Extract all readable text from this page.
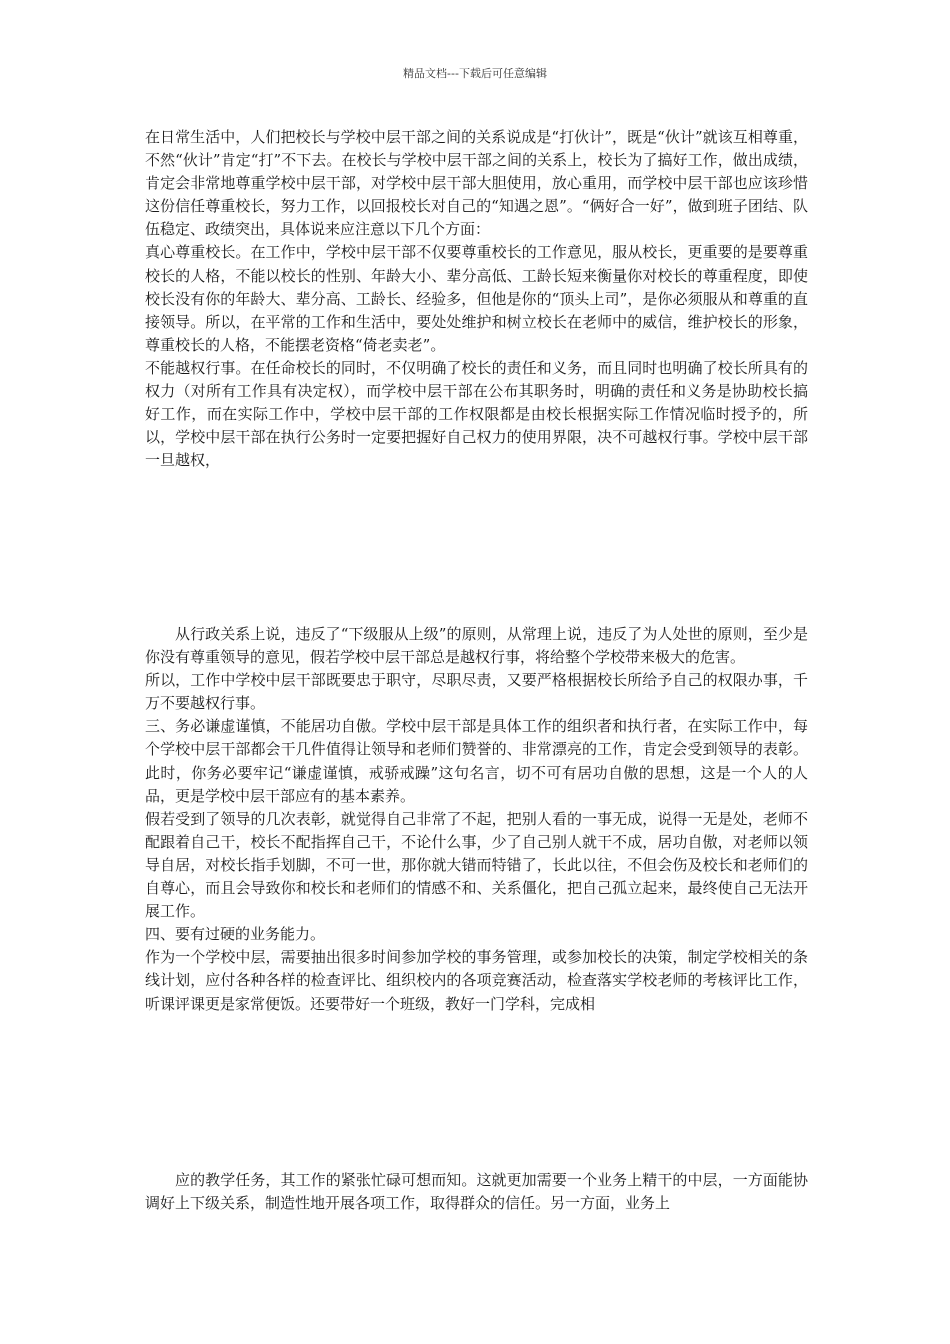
精品文档---下载后可任意编辑

在日常生活中，人们把校长与学校中层干部之间的关系说成是“打伙计”，既是“伙计”就该互相尊重，不然“伙计”肯定“打”不下去。在校长与学校中层干部之间的关系上，校长为了搞好工作，做出成绩，肯定会非常地尊重学校中层干部，对学校中层干部大胆使用，放心重用，而学校中层干部也应该珍惜这份信任尊重校长，努力工作，以回报校长对自己的“知遇之恩”。“俩好合一好”，做到班子团结、队伍稳定、政绩突出，具体说来应注意以下几个方面：

真心尊重校长。在工作中，学校中层干部不仅要尊重校长的工作意见，服从校长，更重要的是要尊重校长的人格，不能以校长的性别、年龄大小、辈分高低、工龄长短来衡量你对校长的尊重程度，即使校长没有你的年龄大、辈分高、工龄长、经验多，但他是你的“顶头上司”，是你必须服从和尊重的直接领导。所以，在平常的工作和生活中，要处处维护和树立校长在老师中的威信，维护校长的形象，尊重校长的人格，不能摆老资格“倚老卖老”。

不能越权行事。在任命校长的同时，不仅明确了校长的责任和义务，而且同时也明确了校长所具有的权力（对所有工作具有决定权），而学校中层干部在公布其职务时，明确的责任和义务是协助校长搞好工作，而在实际工作中，学校中层干部的工作权限都是由校长根据实际工作情况临时授予的，所以，学校中层干部在执行公务时一定要把握好自己权力的使用界限，决不可越权行事。学校中层干部一旦越权，

从行政关系上说，违反了“下级服从上级”的原则，从常理上说，违反了为人处世的原则，至少是你没有尊重领导的意见，假若学校中层干部总是越权行事，将给整个学校带来极大的危害。

所以，工作中学校中层干部既要忠于职守，尽职尽责，又要严格根据校长所给予自己的权限办事，千万不要越权行事。

三、务必谦虚谨慎，不能居功自傲。学校中层干部是具体工作的组织者和执行者，在实际工作中，每个学校中层干部都会干几件值得让领导和老师们赞誉的、非常漂亮的工作，肯定会受到领导的表彰。此时，你务必要牢记“谦虚谨慎，戒骄戒躁”这句名言，切不可有居功自傲的思想，这是一个人的人品，更是学校中层干部应有的基本素养。

假若受到了领导的几次表彰，就觉得自己非常了不起，把别人看的一事无成，说得一无是处，老师不配跟着自己干，校长不配指挥自己干，不论什么事，少了自己别人就干不成，居功自傲，对老师以领导自居，对校长指手划脚，不可一世，那你就大错而特错了，长此以往，不但会伤及校长和老师们的自尊心，而且会导致你和校长和老师们的情感不和、关系僵化，把自己孤立起来，最终使自己无法开展工作。

四、要有过硬的业务能力。

作为一个学校中层，需要抽出很多时间参加学校的事务管理，或参加校长的决策，制定学校相关的条线计划，应付各种各样的检查评比、组织校内的各项竞赛活动，检查落实学校老师的考核评比工作，听课评课更是家常便饭。还要带好一个班级，教好一门学科，完成相

应的教学任务，其工作的紧张忙碌可想而知。这就更加需要一个业务上精干的中层，一方面能协调好上下级关系，制造性地开展各项工作，取得群众的信任。另一方面，业务上
